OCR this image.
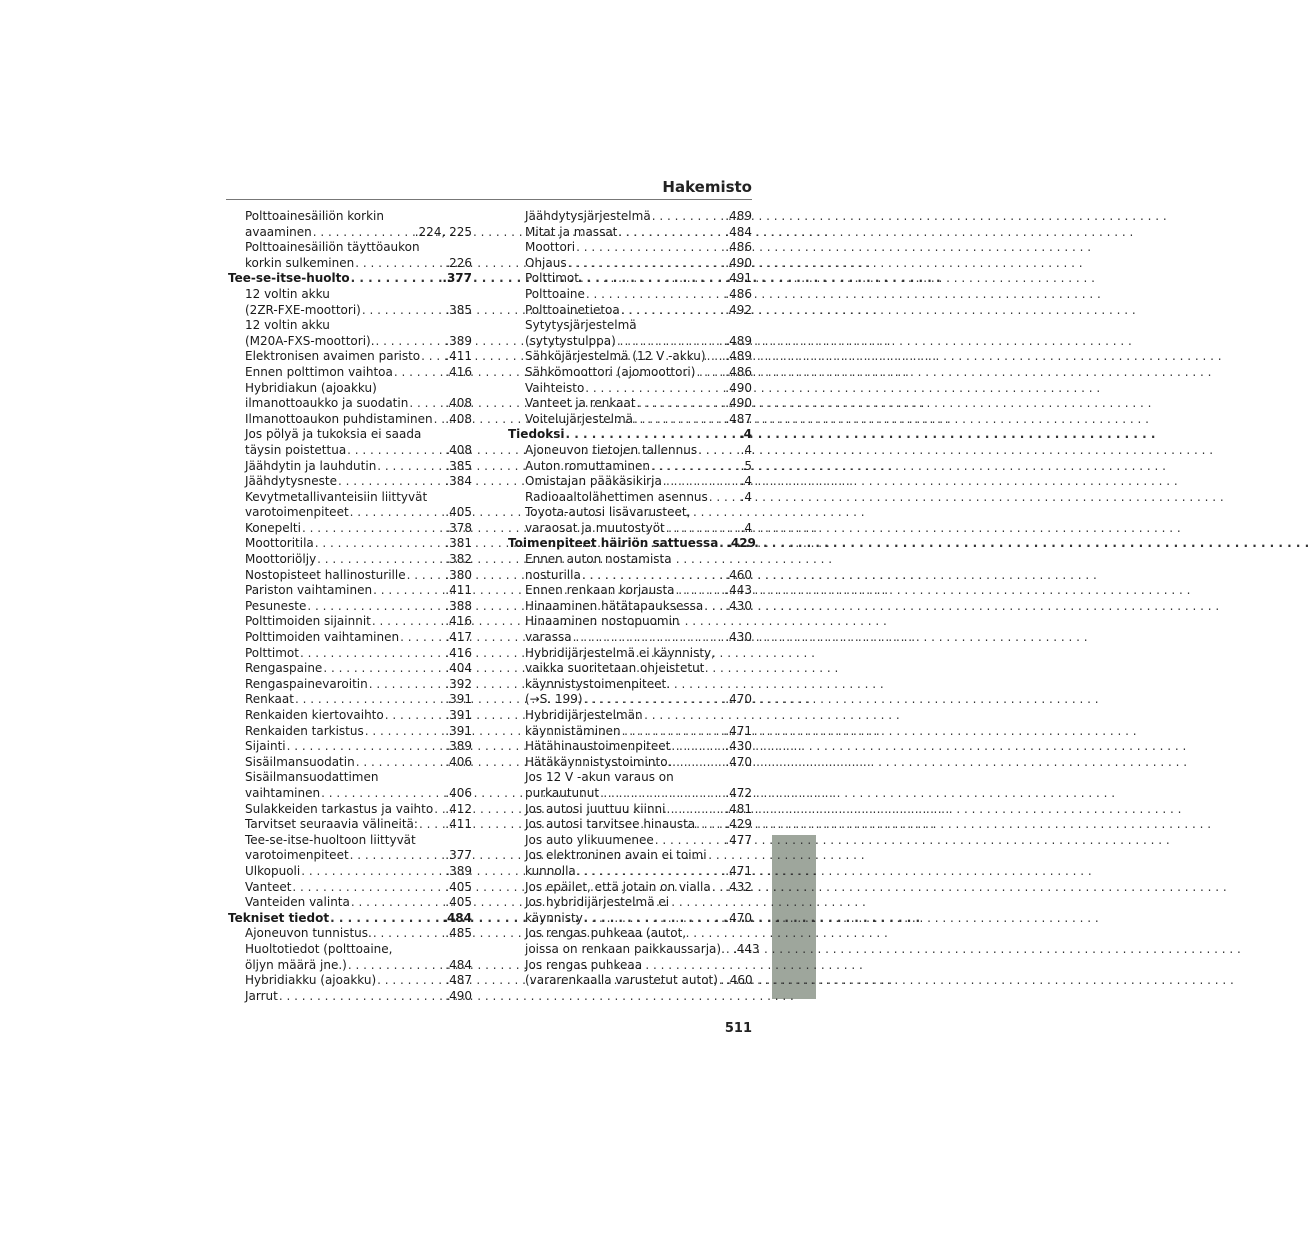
Hakemisto
Polttoainesäiliön korkin
avaaminen . . .	.224, 225
Polttoainesäiliön täyttöaukon
korkin sulkeminen . . .	.226
Tee-se-itse-huolto . . .	.377
12 voltin akku
(2ZR-FXE-moottori) . . .	.385
12 voltin akku
(M20A-FXS-moottori). . . .	.389
Elektronisen avaimen paristo . . . .411
Ennen polttimon vaihtoa . . .	.416
Hybridiakun (ajoakku)
ilmanottoaukko ja suodatin . . .	.408
Ilmanottoaukon puhdistaminen . . . .408
Jos pölyä ja tukoksia ei saada
täysin poistettua . . .	.408
Jäähdytin ja lauhdutin . . .	.385
Jäähdytysneste . . .	.384
Kevytmetallivanteisiin liittyvät
varotoimenpiteet . . .	.405
Konepelti . . .	.378
Moottoritila . . .	.381
Moottoriöljy . . .	.382
Nostopisteet hallinosturille . . .	.380
Pariston vaihtaminen . . .	.411
Pesuneste . . .	.388
Polttimoiden sijainnit . . .	.416
Polttimoiden vaihtaminen . . .	.417
Polttimot . . .	.416
Rengaspaine . . .	.404
Rengaspainevaroitin . . .	.392
Renkaat . . .	.391
Renkaiden kiertovaihto . . .	.391
Renkaiden tarkistus . . .	.391
Sijainti . . .	.389
Sisäilmansuodatin . . .	.406
Sisäilmansuodattimen
vaihtaminen . . .	.406
Sulakkeiden tarkastus ja vaihto . . . .412
Tarvitset seuraavia välineitä: . . . .411
Tee-se-itse-huoltoon liittyvät
varotoimenpiteet . . .	.377
Ulkopuoli . . .	.389
Vanteet . . .	.405
Vanteiden valinta . . .	.405
Tekniset tiedot . . .	.484
Ajoneuvon tunnistus. . . .	.485
Huoltotiedot (polttoaine,
öljyn määrä jne.) . . .	.484
Hybridiakku (ajoakku) . . .	.487
Jarrut . . .	.490
Jäähdytysjärjestelmä . . .	.489
Mitat ja massat . . .	.484
Moottori . . .	.486
Ohjaus . . .	.490
Polttimot . . .	.491
Polttoaine . . .	.486
Polttoainetietoa . . .	.492
Sytytysjärjestelmä
(sytytystulppa) . . .	.489
Sähköjärjestelmä (12 V -akku) . . . .489
Sähkömoottori (ajomoottori) . . . .486
Vaihteisto . . .	.490
Vanteet ja renkaat . . .	.490
Voitelujärjestelmä . . .	.487
Tiedoksi . . .	.4
Ajoneuvon tietojen tallennus . . .	.4
Auton romuttaminen . . .	.5
Omistajan pääkäsikirja . . .	.4
Radioaaltolähettimen asennus . . .	.4
Toyota-autosi lisävarusteet,
varaosat ja muutostyöt . . .	.4
Toimenpiteet häiriön sattuessa . . . .429
Ennen auton nostamista
nosturilla . . .	.460
Ennen renkaan korjausta . . .	.443
Hinaaminen hätätapauksessa . . . .430
Hinaaminen nostopuomin
varassa . . .	.430
Hybridijärjestelmä ei käynnisty,
vaikka suoritetaan ohjeistetut
käynnistystoimenpiteet.
(→S. 199) . . .	.470
Hybridijärjestelmän
käynnistäminen . . .	.471
Hätähinaustoimenpiteet . . .	.430
Hätäkäynnistystoiminto. . . .	.470
Jos 12 V -akun varaus on
purkautunut . . .	.472
Jos autosi juuttuu kiinni . . .	.481
Jos autosi tarvitsee hinausta . . .	.429
Jos auto ylikuumenee . . .	.477
Jos elektroninen avain ei toimi
kunnolla . . .	.471
Jos epäilet, että jotain on vialla . . . .432
Jos hybridijärjestelmä ei
käynnisty . . .	.470
Jos rengas puhkeaa (autot,
joissa on renkaan paikkaussarja). . . . .443
Jos rengas puhkeaa
(vararenkaalla varustetut autot) . . . .460
511
